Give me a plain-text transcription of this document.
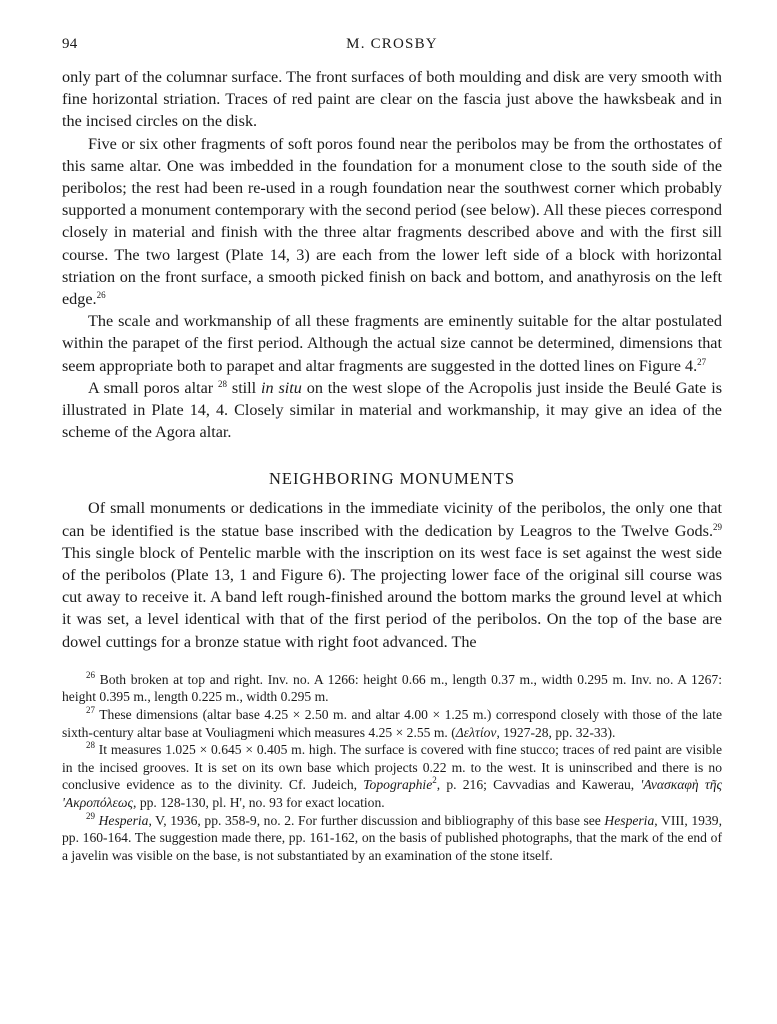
94	M. CROSBY

only part of the columnar surface. The front surfaces of both moulding and disk are very smooth with fine horizontal striation. Traces of red paint are clear on the fascia just above the hawksbeak and in the incised circles on the disk.

Five or six other fragments of soft poros found near the peribolos may be from the orthostates of this same altar. One was imbedded in the foundation for a monument close to the south side of the peribolos; the rest had been re-used in a rough foundation near the southwest corner which probably supported a monument contemporary with the second period (see below). All these pieces correspond closely in material and finish with the three altar fragments described above and with the first sill course. The two largest (Plate 14, 3) are each from the lower left side of a block with horizontal striation on the front surface, a smooth picked finish on back and bottom, and anathyrosis on the left edge.$^{26}$

The scale and workmanship of all these fragments are eminently suitable for the altar postulated within the parapet of the first period. Although the actual size cannot be determined, dimensions that seem appropriate both to parapet and altar fragments are suggested in the dotted lines on Figure 4.27

A small poros altar $^{28}$ still in situ on the west slope of the Acropolis just inside the Beulé Gate is illustrated in Plate 14, 4. Closely similar in material and workmanship, it may give an idea of the scheme of the Agora altar.

NEIGHBORING MONUMENTS

Of small monuments or dedications in the immediate vicinity of the peribolos, the only one that can be identified is the statue base inscribed with the dedication by Leagros to the Twelve Gods.$^{29}$ This single block of Pentelic marble with the inscription on its west face is set against the west side of the peribolos (Plate 13, 1 and Figure 6). The projecting lower face of the original sill course was cut away to receive it. A band left rough-finished around the bottom marks the ground level at which it was set, a level identical with that of the first period of the peribolos. On the top of the base are dowel cuttings for a bronze statue with right foot advanced. The

$^{26}$ Both broken at top and right. Inv. no. A 1266: height 0.66 m., length 0.37 m., width 0.295 m. Inv. no. A 1267: height 0.395 m., length 0.225 m., width 0.295 m.

$^{27}$ These dimensions (altar base 4.25 × 2.50 m. and altar 4.00 × 1.25 m.) correspond closely with those of the late sixth-century altar base at Vouliagmeni which measures 4.25 × 2.55 m. (Δελτίον, 1927-28, pp. 32-33).

$^{28}$ It measures 1.025 × 0.645 × 0.405 m. high. The surface is covered with fine stucco; traces of red paint are visible in the incised grooves. It is set on its own base which projects 0.22 m. to the west. It is uninscribed and there is no conclusive evidence as to the divinity. Cf. Judeich, Topographie$^2$, p. 216; Cavvadias and Kawerau, 'Ανασκαφὴ τῆς 'Ακροπόλεως, pp. 128-130, pl. Η', no. 93 for exact location.

$^{29}$ Hesperia, V, 1936, pp. 358-9, no. 2. For further discussion and bibliography of this base see Hesperia, VIII, 1939, pp. 160-164. The suggestion made there, pp. 161-162, on the basis of published photographs, that the mark of the end of a javelin was visible on the base, is not substantiated by an examination of the stone itself.
